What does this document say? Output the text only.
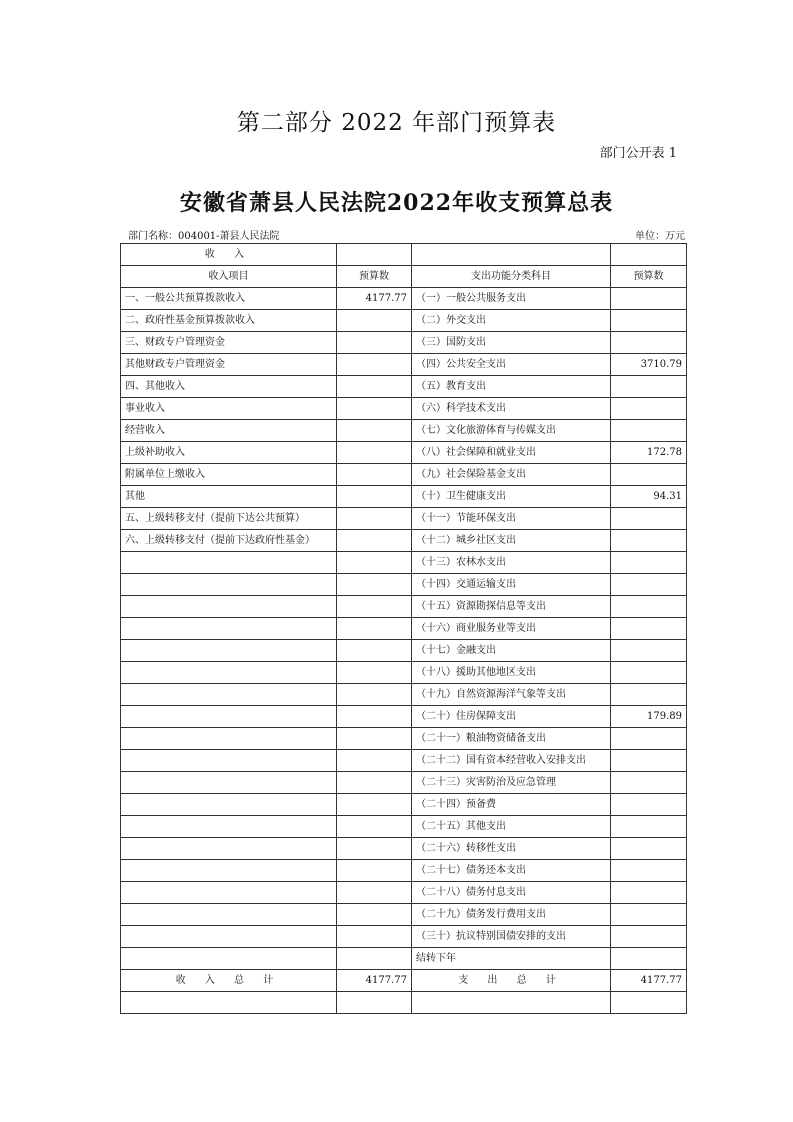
第二部分 2022 年部门预算表
部门公开表 1
安徽省萧县人民法院2022年收支预算总表
部门名称：004001-萧县人民法院	单位：万元
收 入			
收入项目	预算数	支出功能分类科目	预算数
一、一般公共预算拨款收入	4177.77	（一）一般公共服务支出	
二、政府性基金预算拨款收入		（二）外交支出	
三、财政专户管理资金		（三）国防支出	
其他财政专户管理资金		（四）公共安全支出	3710.79
四、其他收入		（五）教育支出	
事业收入		（六）科学技术支出	
经营收入		（七）文化旅游体育与传媒支出	
上级补助收入		（八）社会保障和就业支出	172.78
附属单位上缴收入		（九）社会保险基金支出	
其他		（十）卫生健康支出	94.31
五、上级转移支付（提前下达公共预算）		（十一）节能环保支出	
六、上级转移支付（提前下达政府性基金）		（十二）城乡社区支出	
		（十三）农林水支出	
		（十四）交通运输支出	
		（十五）资源勘探信息等支出	
		（十六）商业服务业等支出	
		（十七）金融支出	
		（十八）援助其他地区支出	
		（十九）自然资源海洋气象等支出	
		（二十）住房保障支出	179.89
		（二十一）粮油物资储备支出	
		（二十二）国有资本经营收入安排支出	
		（二十三）灾害防治及应急管理	
		（二十四）预备费	
		（二十五）其他支出	
		（二十六）转移性支出	
		（二十七）债务还本支出	
		（二十八）债务付息支出	
		（二十九）债务发行费用支出	
		（三十）抗议特别国债安排的支出	
		结转下年	
收 入 总 计	4177.77	支 出 总 计	4177.77
